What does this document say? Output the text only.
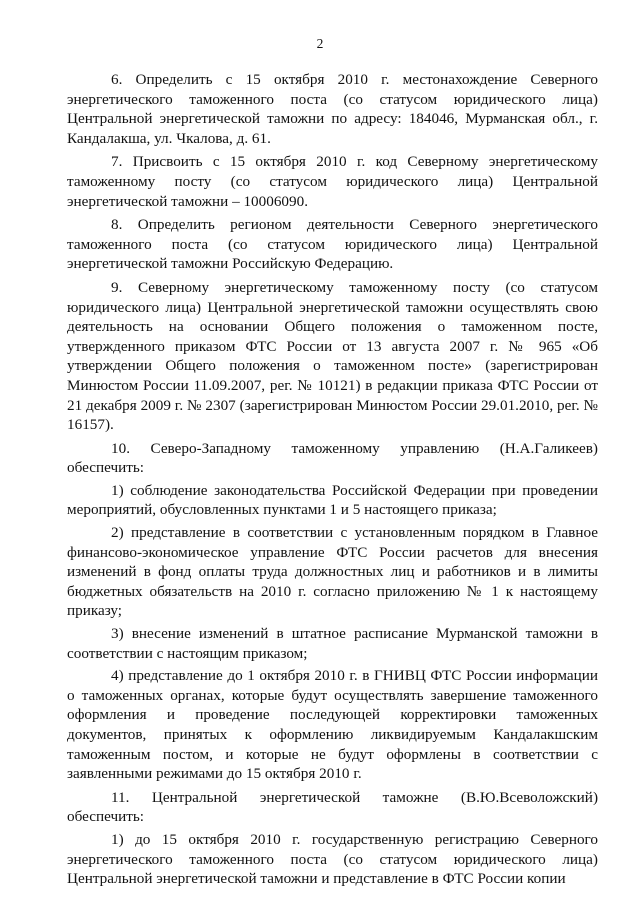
2

6. Определить с 15 октября 2010 г. местонахождение Северного энергетического таможенного поста (со статусом юридического лица) Центральной энергетической таможни по адресу: 184046, Мурманская обл., г. Кандалакша, ул. Чкалова, д. 61.

7. Присвоить с 15 октября 2010 г. код Северному энергетическому таможенному посту (со статусом юридического лица) Центральной энергетической таможни – 10006090.

8. Определить регионом деятельности Северного энергетического таможенного поста (со статусом юридического лица) Центральной энергетической таможни Российскую Федерацию.

9. Северному энергетическому таможенному посту (со статусом юридического лица) Центральной энергетической таможни осуществлять свою деятельность на основании Общего положения о таможенном посте, утвержденного приказом ФТС России от 13 августа 2007 г. № 965 «Об утверждении Общего положения о таможенном посте» (зарегистрирован Минюстом России 11.09.2007, рег. № 10121) в редакции приказа ФТС России от 21 декабря 2009 г. № 2307 (зарегистрирован Минюстом России 29.01.2010, рег. № 16157).

10. Северо-Западному таможенному управлению (Н.А.Галикеев) обеспечить:

1) соблюдение законодательства Российской Федерации при проведении мероприятий, обусловленных пунктами 1 и 5 настоящего приказа;

2) представление в соответствии с установленным порядком в Главное финансово-экономическое управление ФТС России расчетов для внесения изменений в фонд оплаты труда должностных лиц и работников и в лимиты бюджетных обязательств на 2010 г. согласно приложению № 1 к настоящему приказу;

3) внесение изменений в штатное расписание Мурманской таможни в соответствии с настоящим приказом;

4) представление до 1 октября 2010 г. в ГНИВЦ ФТС России информации о таможенных органах, которые будут осуществлять завершение таможенного оформления и проведение последующей корректировки таможенных документов, принятых к оформлению ликвидируемым Кандалакшским таможенным постом, и которые не будут оформлены в соответствии с заявленными режимами до 15 октября 2010 г.

11. Центральной энергетической таможне (В.Ю.Всеволожский) обеспечить:

1) до 15 октября 2010 г. государственную регистрацию Северного энергетического таможенного поста (со статусом юридического лица) Центральной энергетической таможни и представление в ФТС России копии
